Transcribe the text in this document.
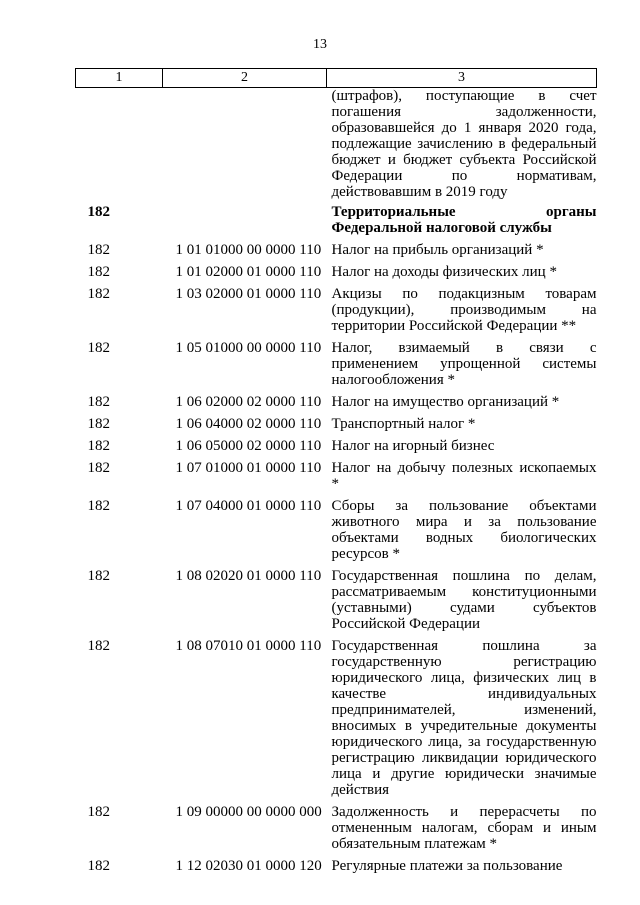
13
1	2	3
		(штрафов), поступающие в счет погашения задолженности, образовавшейся до 1 января 2020 года, подлежащие зачислению в федеральный бюджет и бюджет субъекта Российской Федерации по нормативам, действовавшим в 2019 году
182		Территориальные органы Федеральной налоговой службы
182	1 01 01000 00 0000 110	Налог на прибыль организаций *
182	1 01 02000 01 0000 110	Налог на доходы физических лиц *
182	1 03 02000 01 0000 110	Акцизы по подакцизным товарам (продукции), производимым на территории Российской Федерации **
182	1 05 01000 00 0000 110	Налог, взимаемый в связи с применением упрощенной системы налогообложения *
182	1 06 02000 02 0000 110	Налог на имущество организаций *
182	1 06 04000 02 0000 110	Транспортный налог *
182	1 06 05000 02 0000 110	Налог на игорный бизнес
182	1 07 01000 01 0000 110	Налог на добычу полезных ископаемых *
182	1 07 04000 01 0000 110	Сборы за пользование объектами животного мира и за пользование объектами водных биологических ресурсов *
182	1 08 02020 01 0000 110	Государственная пошлина по делам, рассматриваемым конституционными (уставными) судами субъектов Российской Федерации
182	1 08 07010 01 0000 110	Государственная пошлина за государственную регистрацию юридического лица, физических лиц в качестве индивидуальных предпринимателей, изменений, вносимых в учредительные документы юридического лица, за государственную регистрацию ликвидации юридического лица и другие юридически значимые действия
182	1 09 00000 00 0000 000	Задолженность и перерасчеты по отмененным налогам, сборам и иным обязательным платежам *
182	1 12 02030 01 0000 120	Регулярные платежи за пользование
